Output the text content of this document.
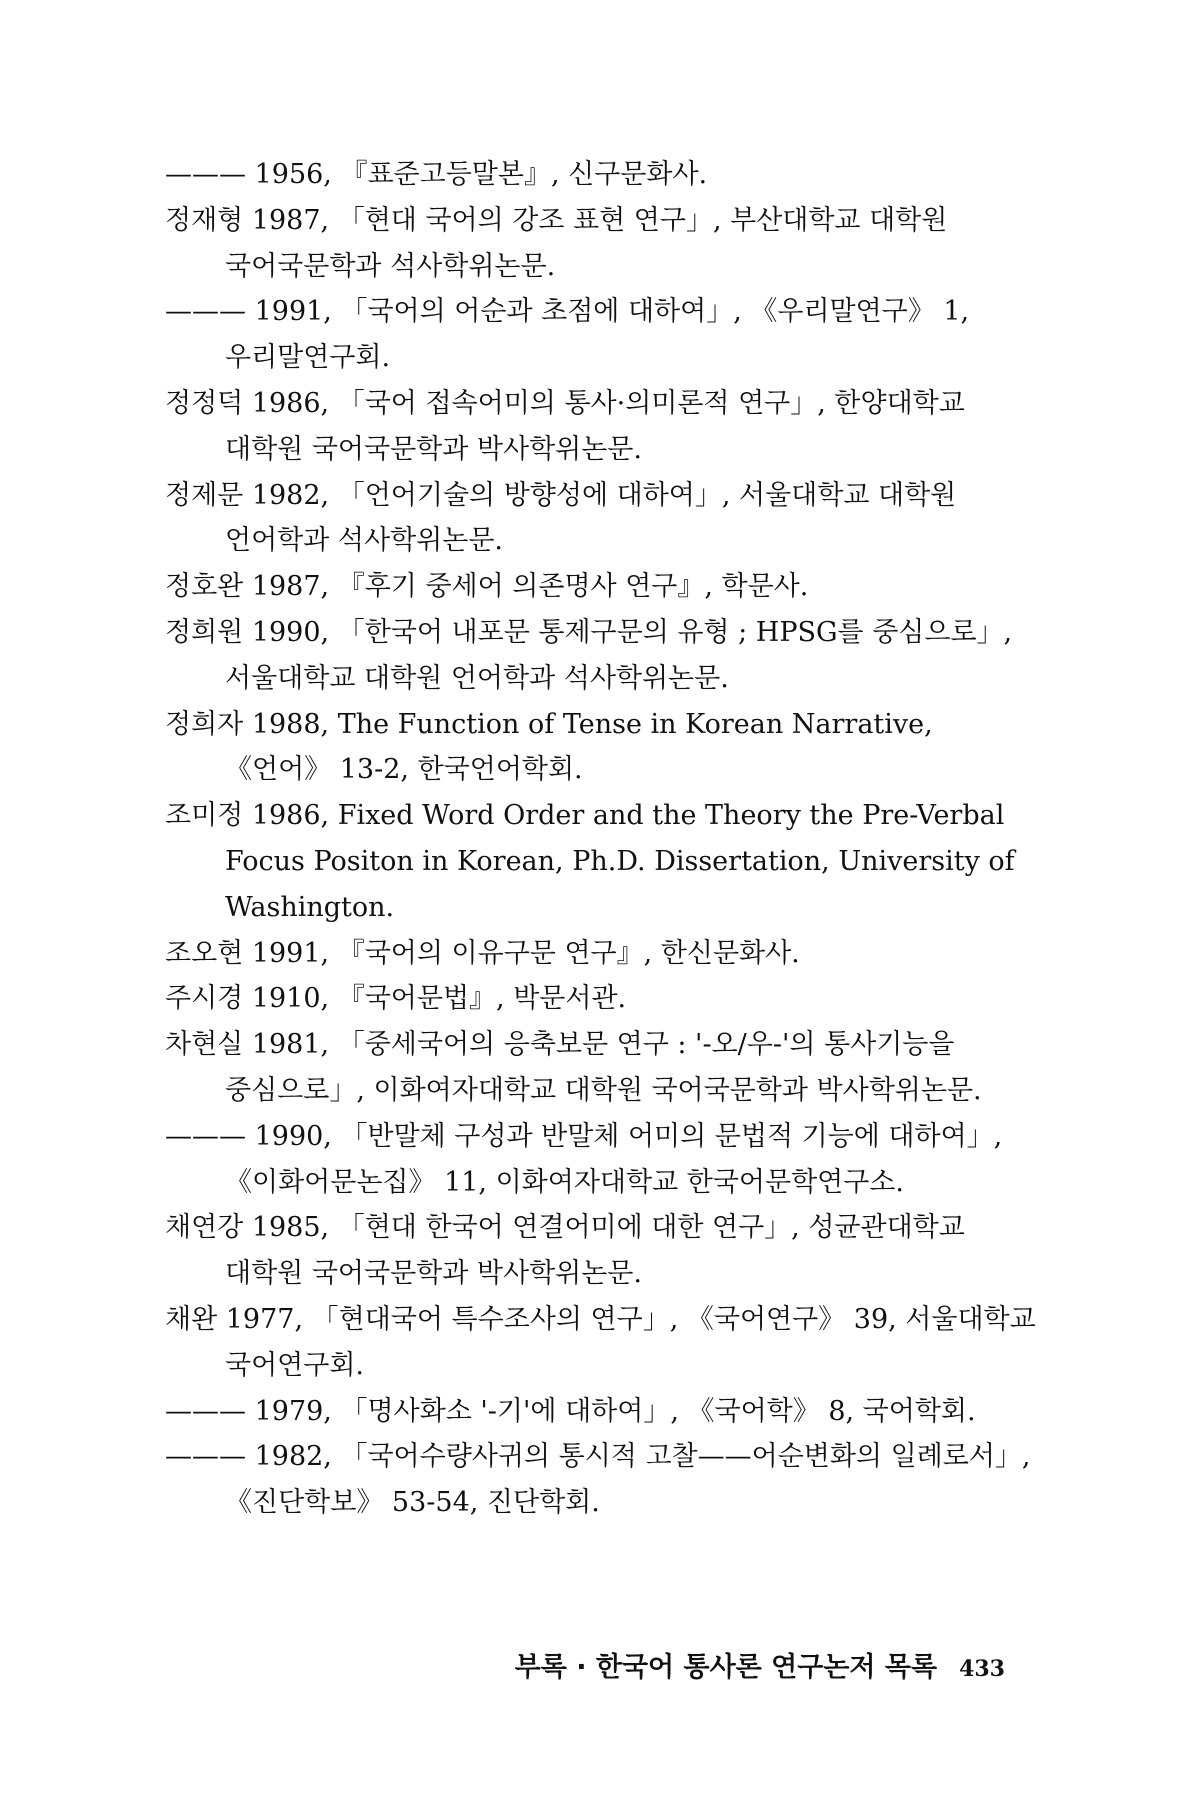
——— 1956, 『표준고등말본』, 신구문화사.
정재형 1987, 「현대 국어의 강조 표현 연구」, 부산대학교 대학원 국어국문학과 석사학위논문.
——— 1991, 「국어의 어순과 초점에 대하여」, 《우리말연구》 1, 우리말연구회.
정정덕 1986, 「국어 접속어미의 통사·의미론적 연구」, 한양대학교 대학원 국어국문학과 박사학위논문.
정제문 1982, 「언어기술의 방향성에 대하여」, 서울대학교 대학원 언어학과 석사학위논문.
정호완 1987, 『후기 중세어 의존명사 연구』, 학문사.
정희원 1990, 「한국어 내포문 통제구문의 유형 ; HPSG를 중심으로」, 서울대학교 대학원 언어학과 석사학위논문.
정희자 1988, The Function of Tense in Korean Narrative, 《언어》 13-2, 한국언어학회.
조미정 1986, Fixed Word Order and the Theory the Pre-Verbal Focus Positon in Korean, Ph.D. Dissertation, University of Washington.
조오현 1991, 『국어의 이유구문 연구』, 한신문화사.
주시경 1910, 『국어문법』, 박문서관.
차현실 1981, 「중세국어의 응축보문 연구 : '-오/우-'의 통사기능을 중심으로」, 이화여자대학교 대학원 국어국문학과 박사학위논문.
——— 1990, 「반말체 구성과 반말체 어미의 문법적 기능에 대하여」, 《이화어문논집》 11, 이화여자대학교 한국어문학연구소.
채연강 1985, 「현대 한국어 연결어미에 대한 연구」, 성균관대학교 대학원 국어국문학과 박사학위논문.
채완 1977, 「현대국어 특수조사의 연구」, 《국어연구》 39, 서울대학교 국어연구회.
——— 1979, 「명사화소 '-기'에 대하여」, 《국어학》 8, 국어학회.
——— 1982, 「국어수량사귀의 통시적 고찰——어순변화의 일례로서」, 《진단학보》 53-54, 진단학회.
부록 · 한국어 통사론 연구논저 목록 433
